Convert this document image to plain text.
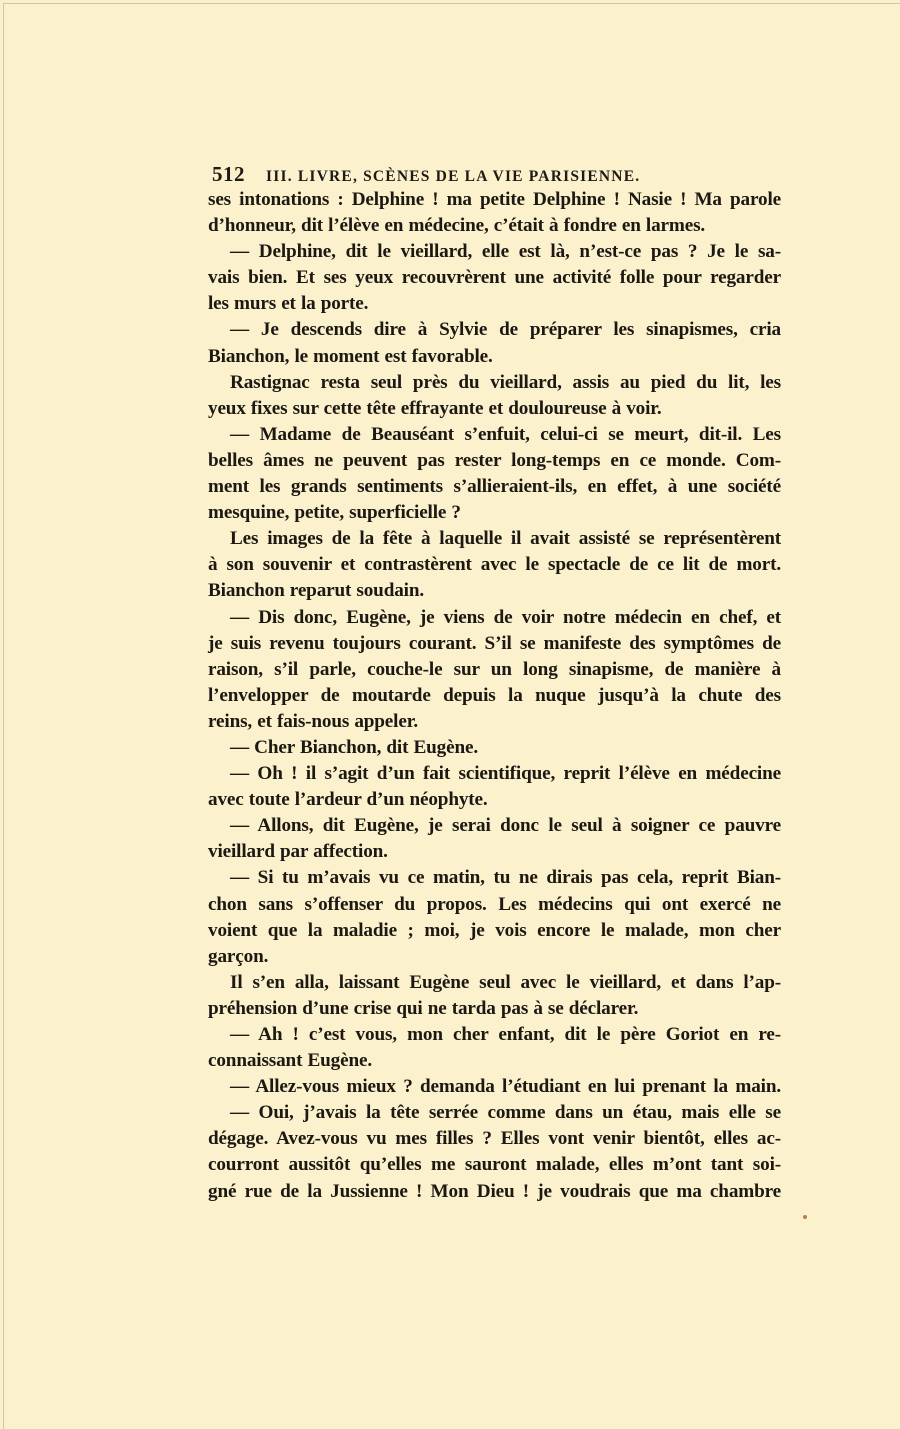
512 III. LIVRE, SCÈNES DE LA VIE PARISIENNE.
ses intonations : Delphine ! ma petite Delphine ! Nasie ! Ma parole
d’honneur, dit l’élève en médecine, c’était à fondre en larmes.
— Delphine, dit le vieillard, elle est là, n’est-ce pas ? Je le sa-
vais bien. Et ses yeux recouvrèrent une activité folle pour regarder
les murs et la porte.
— Je descends dire à Sylvie de préparer les sinapismes, cria
Bianchon, le moment est favorable.
Rastignac resta seul près du vieillard, assis au pied du lit, les
yeux fixes sur cette tête effrayante et douloureuse à voir.
— Madame de Beauséant s’enfuit, celui-ci se meurt, dit-il. Les
belles âmes ne peuvent pas rester long-temps en ce monde. Com-
ment les grands sentiments s’allieraient-ils, en effet, à une société
mesquine, petite, superficielle ?
Les images de la fête à laquelle il avait assisté se représentèrent
à son souvenir et contrastèrent avec le spectacle de ce lit de mort.
Bianchon reparut soudain.
— Dis donc, Eugène, je viens de voir notre médecin en chef, et
je suis revenu toujours courant. S’il se manifeste des symptômes de
raison, s’il parle, couche-le sur un long sinapisme, de manière à
l’envelopper de moutarde depuis la nuque jusqu’à la chute des
reins, et fais-nous appeler.
— Cher Bianchon, dit Eugène.
— Oh ! il s’agit d’un fait scientifique, reprit l’élève en médecine
avec toute l’ardeur d’un néophyte.
— Allons, dit Eugène, je serai donc le seul à soigner ce pauvre
vieillard par affection.
— Si tu m’avais vu ce matin, tu ne dirais pas cela, reprit Bian-
chon sans s’offenser du propos. Les médecins qui ont exercé ne
voient que la maladie ; moi, je vois encore le malade, mon cher
garçon.
Il s’en alla, laissant Eugène seul avec le vieillard, et dans l’ap-
préhension d’une crise qui ne tarda pas à se déclarer.
— Ah ! c’est vous, mon cher enfant, dit le père Goriot en re-
connaissant Eugène.
— Allez-vous mieux ? demanda l’étudiant en lui prenant la main.
— Oui, j’avais la tête serrée comme dans un étau, mais elle se
dégage. Avez-vous vu mes filles ? Elles vont venir bientôt, elles ac-
courront aussitôt qu’elles me sauront malade, elles m’ont tant soi-
gné rue de la Jussienne ! Mon Dieu ! je voudrais que ma chambre
